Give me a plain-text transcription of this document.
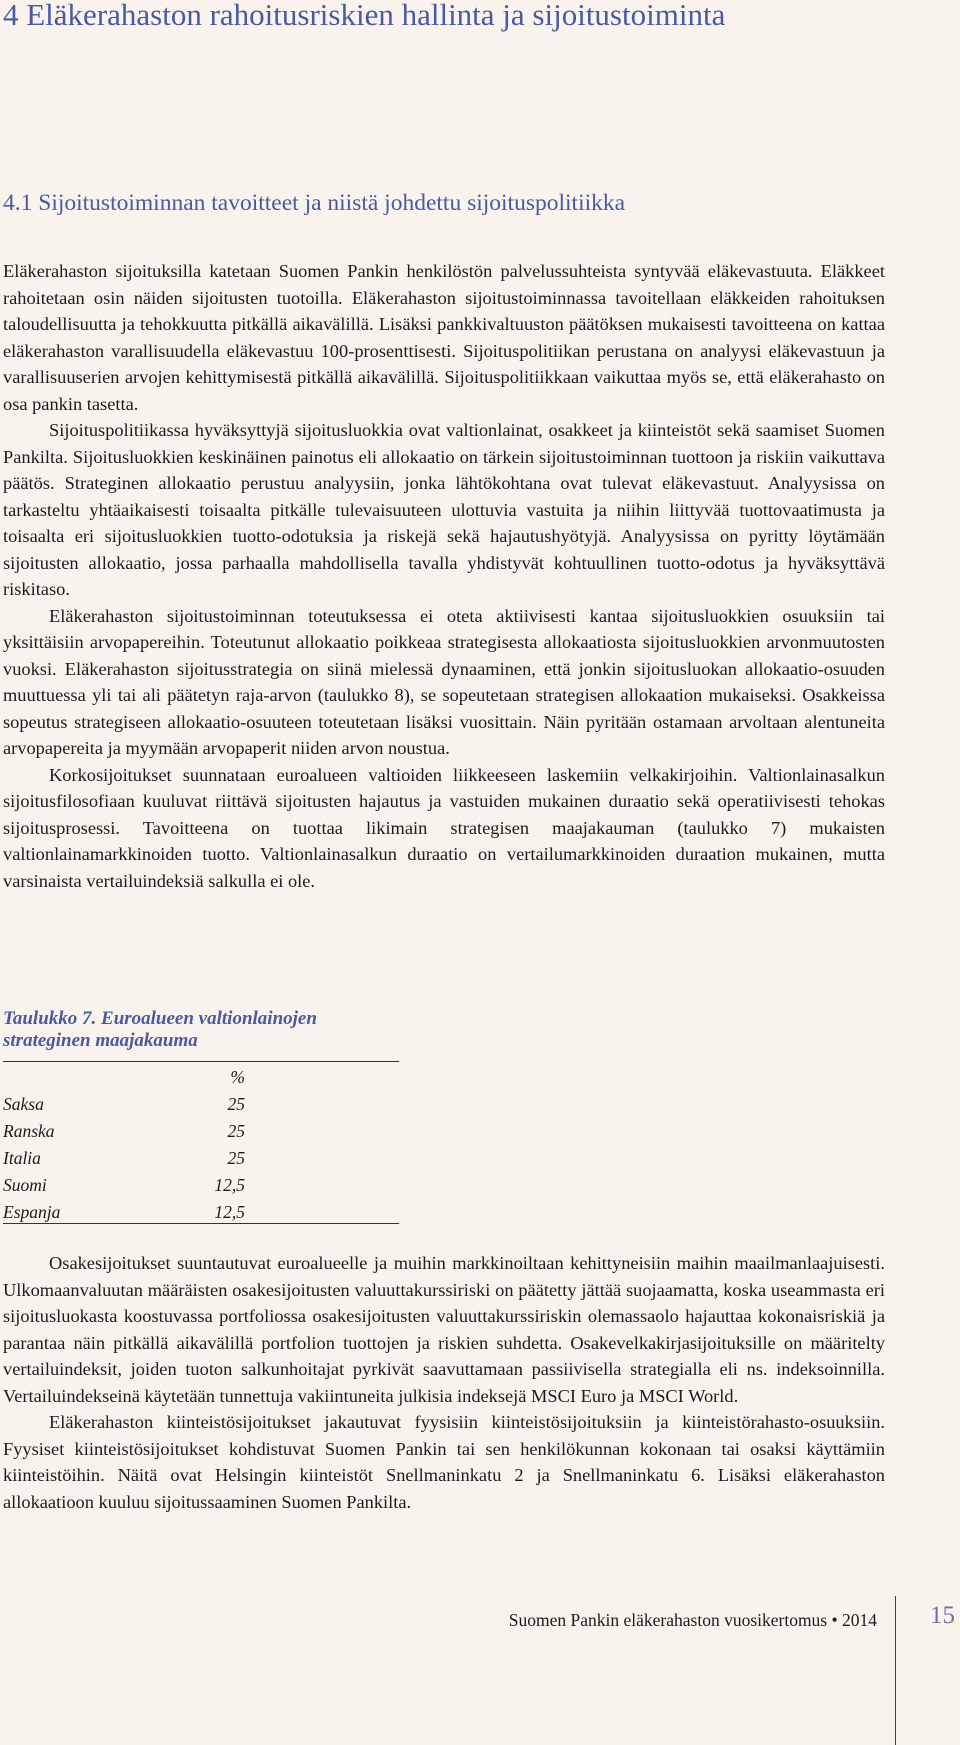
4 Eläkerahaston rahoitusriskien hallinta ja sijoitustoiminta
4.1 Sijoitustoiminnan tavoitteet ja niistä johdettu sijoituspolitiikka

Eläkerahaston sijoituksilla katetaan Suomen Pankin henkilöstön palvelussuhteista syntyvää eläkevastuuta. Eläkkeet rahoitetaan osin näiden sijoitusten tuotoilla. Eläkerahaston sijoitustoiminnassa tavoitellaan eläkkeiden rahoituksen taloudellisuutta ja tehokkuutta pitkällä aikavälillä. Lisäksi pankkivaltuuston päätöksen mukaisesti tavoitteena on kattaa eläkerahaston varallisuudella eläkevastuu 100-prosenttisesti. Sijoituspolitiikan perustana on analyysi eläkevastuun ja varallisuuserien arvojen kehittymisestä pitkällä aikavälillä. Sijoituspolitiikkaan vaikuttaa myös se, että eläkerahasto on osa pankin tasetta.

Sijoituspolitiikassa hyväksyttyjä sijoitusluokkia ovat valtionlainat, osakkeet ja kiinteistöt sekä saamiset Suomen Pankilta. Sijoitusluokkien keskinäinen painotus eli allokaatio on tärkein sijoitustoiminnan tuottoon ja riskiin vaikuttava päätös. Strateginen allokaatio perustuu analyysiin, jonka lähtökohtana ovat tulevat eläkevastuut. Analyysissa on tarkasteltu yhtäaikaisesti toisaalta pitkälle tulevaisuuteen ulottuvia vastuita ja niihin liittyvää tuottovaatimusta ja toisaalta eri sijoitusluokkien tuotto-odotuksia ja riskejä sekä hajautushyötyjä. Analyysissa on pyritty löytämään sijoitusten allokaatio, jossa parhaalla mahdollisella tavalla yhdistyvät kohtuullinen tuotto-odotus ja hyväksyttävä riskitaso.

Eläkerahaston sijoitustoiminnan toteutuksessa ei oteta aktiivisesti kantaa sijoitusluokkien osuuksiin tai yksittäisiin arvopapereihin. Toteutunut allokaatio poikkeaa strategisesta allokaatiosta sijoitusluokkien arvonmuutosten vuoksi. Eläkerahaston sijoitusstrategia on siinä mielessä dynaaminen, että jonkin sijoitusluokan allokaatio-osuuden muuttuessa yli tai ali päätetyn raja-arvon (taulukko 8), se sopeutetaan strategisen allokaation mukaiseksi. Osakkeissa sopeutus strategiseen allokaatio-osuuteen toteutetaan lisäksi vuosittain. Näin pyritään ostamaan arvoltaan alentuneita arvopapereita ja myymään arvopaperit niiden arvon noustua.

Korkosijoitukset suunnataan euroalueen valtioiden liikkeeseen laskemiin velkakirjoihin. Valtionlainasalkun sijoitusfilosofiaan kuuluvat riittävä sijoitusten hajautus ja vastuiden mukainen duraatio sekä operatiivisesti tehokas sijoitusprosessi. Tavoitteena on tuottaa likimain strategisen maajakauman (taulukko 7) mukaisten valtionlainamarkkinoiden tuotto. Valtionlainasalkun duraatio on vertailumarkkinoiden duraation mukainen, mutta varsinaista vertailuindeksiä salkulla ei ole.

Taulukko 7. Euroalueen valtionlainojen strateginen maajakauma

	%	
Saksa	25	
Ranska	25	
Italia	25	
Suomi	12,5	
Espanja	12,5	

Osakesijoitukset suuntautuvat euroalueelle ja muihin markkinoiltaan kehittyneisiin maihin maailmanlaajuisesti. Ulkomaanvaluutan määräisten osakesijoitusten valuuttakurssiriski on päätetty jättää suojaamatta, koska useammasta eri sijoitusluokasta koostuvassa portfoliossa osakesijoitusten valuuttakurssiriskin olemassaolo hajauttaa kokonaisriskiä ja parantaa näin pitkällä aikavälillä portfolion tuottojen ja riskien suhdetta. Osakevelkakirjasijoituksille on määritelty vertailuindeksit, joiden tuoton salkunhoitajat pyrkivät saavuttamaan passiivisella strategialla eli ns. indeksoinnilla. Vertailuindekseinä käytetään tunnettuja vakiintuneita julkisia indeksejä MSCI Euro ja MSCI World.

Eläkerahaston kiinteistösijoitukset jakautuvat fyysisiin kiinteistösijoituksiin ja kiinteistörahasto-osuuksiin. Fyysiset kiinteistösijoitukset kohdistuvat Suomen Pankin tai sen henkilökunnan kokonaan tai osaksi käyttämiin kiinteistöihin. Näitä ovat Helsingin kiinteistöt Snellmaninkatu 2 ja Snellmaninkatu 6. Lisäksi eläkerahaston allokaatioon kuuluu sijoitussaaminen Suomen Pankilta.

Suomen Pankin eläkerahaston vuosikertomus • 2014 15
